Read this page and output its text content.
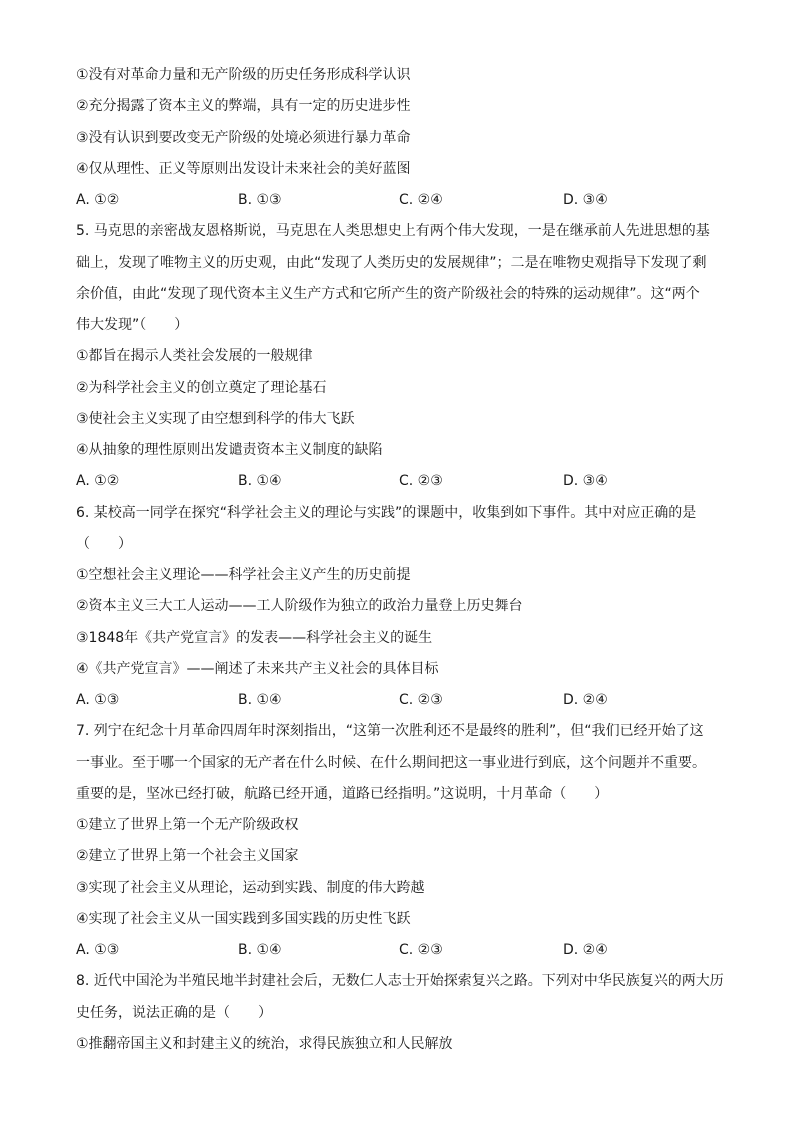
①没有对革命力量和无产阶级的历史任务形成科学认识
②充分揭露了资本主义的弊端，具有一定的历史进步性
③没有认识到要改变无产阶级的处境必须进行暴力革命
④仅从理性、正义等原则出发设计未来社会的美好蓝图
A. ①②	B. ①③	C. ②④	D. ③④
5. 马克思的亲密战友恩格斯说，马克思在人类思想史上有两个伟大发现，一是在继承前人先进思想的基
础上，发现了唯物主义的历史观，由此“发现了人类历史的发展规律”；二是在唯物史观指导下发现了剩
余价值，由此“发现了现代资本主义生产方式和它所产生的资产阶级社会的特殊的运动规律”。这“两个
伟大发现”（　　）
①都旨在揭示人类社会发展的一般规律
②为科学社会主义的创立奠定了理论基石
③使社会主义实现了由空想到科学的伟大飞跃
④从抽象的理性原则出发谴责资本主义制度的缺陷
A. ①②	B. ①④	C. ②③	D. ③④
6. 某校高一同学在探究“科学社会主义的理论与实践”的课题中，收集到如下事件。其中对应正确的是
（　　）
①空想社会主义理论——科学社会主义产生的历史前提
②资本主义三大工人运动——工人阶级作为独立的政治力量登上历史舞台
③1848年《共产党宣言》的发表——科学社会主义的诞生
④《共产党宣言》——阐述了未来共产主义社会的具体目标
A. ①③	B. ①④	C. ②③	D. ②④
7. 列宁在纪念十月革命四周年时深刻指出，“这第一次胜利还不是最终的胜利”，但“我们已经开始了这
一事业。至于哪一个国家的无产者在什么时候、在什么期间把这一事业进行到底，这个问题并不重要。
重要的是，坚冰已经打破，航路已经开通，道路已经指明。”这说明，十月革命（　　）
①建立了世界上第一个无产阶级政权
②建立了世界上第一个社会主义国家
③实现了社会主义从理论，运动到实践、制度的伟大跨越
④实现了社会主义从一国实践到多国实践的历史性飞跃
A. ①③	B. ①④	C. ②③	D. ②④
8. 近代中国沦为半殖民地半封建社会后，无数仁人志士开始探索复兴之路。下列对中华民族复兴的两大历
史任务，说法正确的是（　　）
①推翻帝国主义和封建主义的统治，求得民族独立和人民解放
